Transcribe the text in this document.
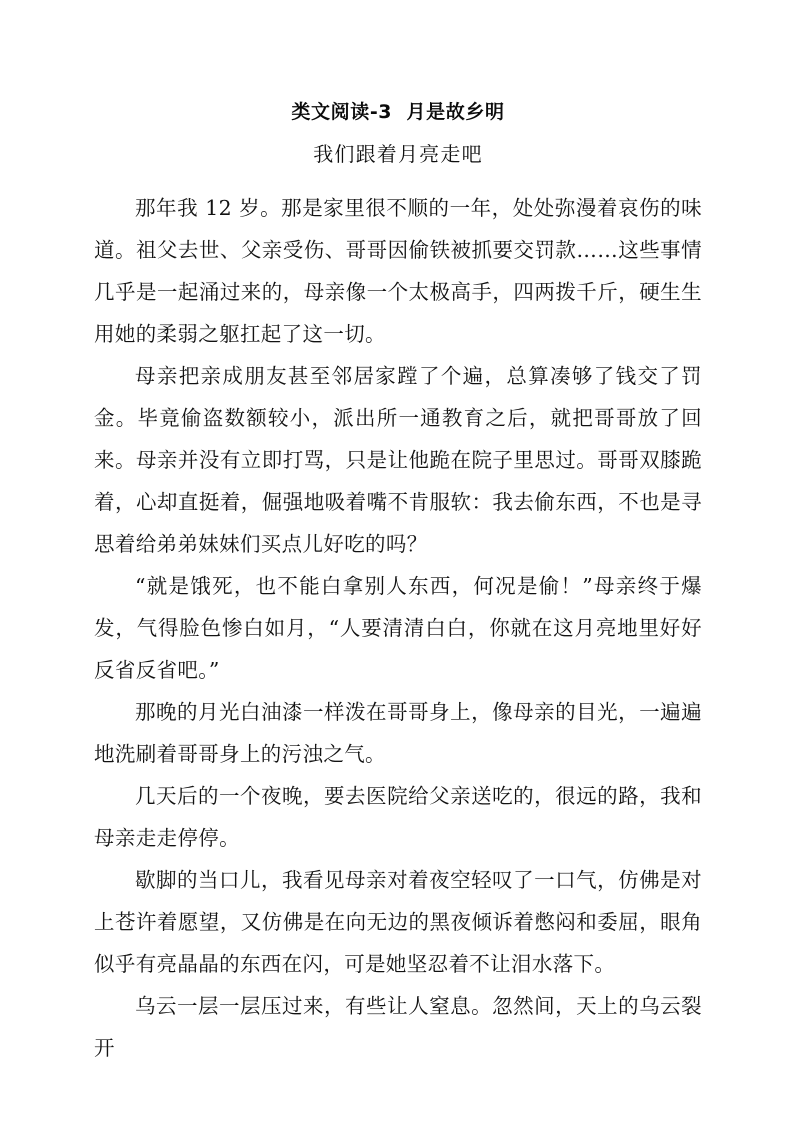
类文阅读-3  月是故乡明
我们跟着月亮走吧

那年我 12 岁。那是家里很不顺的一年，处处弥漫着哀伤的味道。祖父去世、父亲受伤、哥哥因偷铁被抓要交罚款……这些事情几乎是一起涌过来的，母亲像一个太极高手，四两拨千斤，硬生生用她的柔弱之躯扛起了这一切。

母亲把亲成朋友甚至邻居家蹚了个遍，总算凑够了钱交了罚金。毕竟偷盗数额较小，派出所一通教育之后，就把哥哥放了回来。母亲并没有立即打骂，只是让他跪在院子里思过。哥哥双膝跪着，心却直挺着，倔强地吸着嘴不肯服软：我去偷东西，不也是寻思着给弟弟妹妹们买点儿好吃的吗？

“就是饿死，也不能白拿别人东西，何况是偷！”母亲终于爆发，气得脸色惨白如月，“人要清清白白，你就在这月亮地里好好反省反省吧。”

那晚的月光白油漆一样泼在哥哥身上，像母亲的目光，一遍遍地洗刷着哥哥身上的污浊之气。

几天后的一个夜晚，要去医院给父亲送吃的，很远的路，我和母亲走走停停。

歇脚的当口儿，我看见母亲对着夜空轻叹了一口气，仿佛是对上苍许着愿望，又仿佛是在向无边的黑夜倾诉着憋闷和委屈，眼角似乎有亮晶晶的东西在闪，可是她坚忍着不让泪水落下。

乌云一层一层压过来，有些让人窒息。忽然间，天上的乌云裂开
